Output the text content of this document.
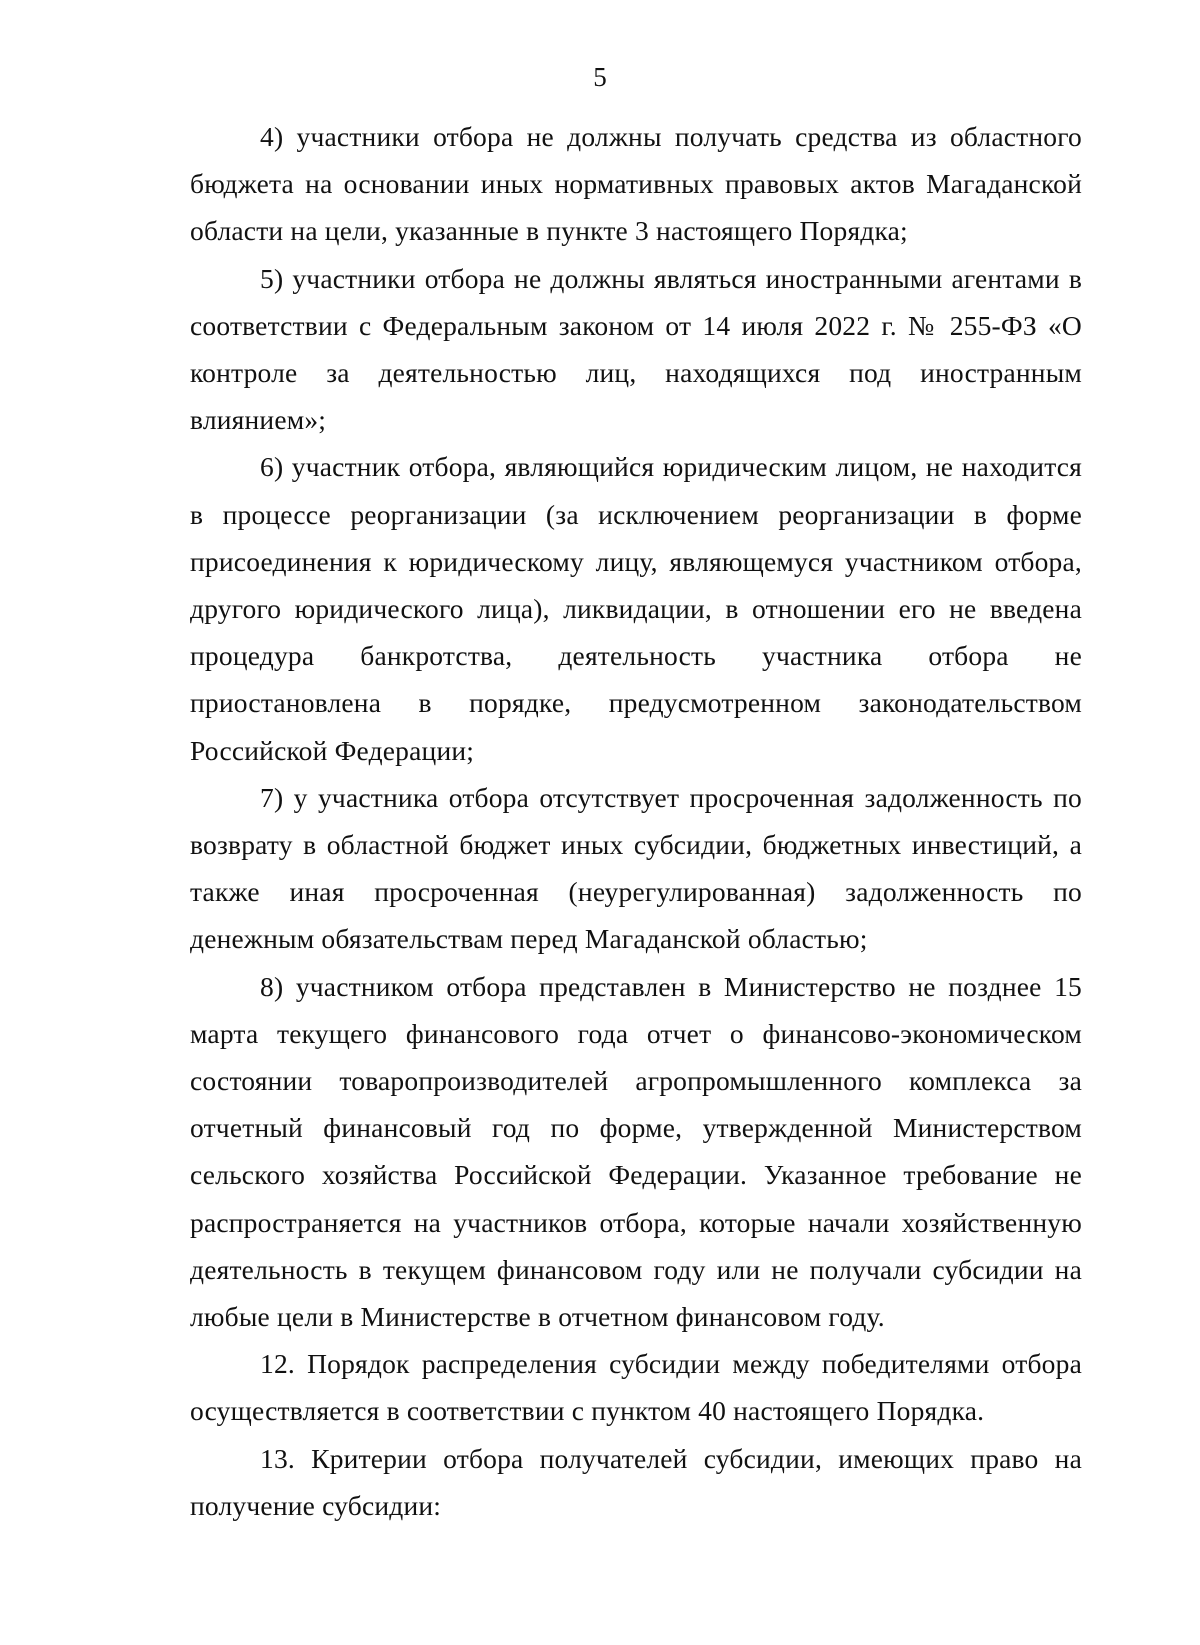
5

4) участники отбора не должны получать средства из областного бюджета на основании иных нормативных правовых актов Магаданской области на цели, указанные в пункте 3 настоящего Порядка;

5) участники отбора не должны являться иностранными агентами в соответствии с Федеральным законом от 14 июля 2022 г. № 255-ФЗ «О контроле за деятельностью лиц, находящихся под иностранным влиянием»;

6) участник отбора, являющийся юридическим лицом, не находится в процессе реорганизации (за исключением реорганизации в форме присоединения к юридическому лицу, являющемуся участником отбора, другого юридического лица), ликвидации, в отношении его не введена процедура банкротства, деятельность участника отбора не приостановлена в порядке, предусмотренном законодательством Российской Федерации;

7) у участника отбора отсутствует просроченная задолженность по возврату в областной бюджет иных субсидии, бюджетных инвестиций, а также иная просроченная (неурегулированная) задолженность по денежным обязательствам перед Магаданской областью;

8) участником отбора представлен в Министерство не позднее 15 марта текущего финансового года отчет о финансово-экономическом состоянии товаропроизводителей агропромышленного комплекса за отчетный финансовый год по форме, утвержденной Министерством сельского хозяйства Российской Федерации. Указанное требование не распространяется на участников отбора, которые начали хозяйственную деятельность в текущем финансовом году или не получали субсидии на любые цели в Министерстве в отчетном финансовом году.

12. Порядок распределения субсидии между победителями отбора осуществляется в соответствии с пунктом 40 настоящего Порядка.

13. Критерии отбора получателей субсидии, имеющих право на получение субсидии:
